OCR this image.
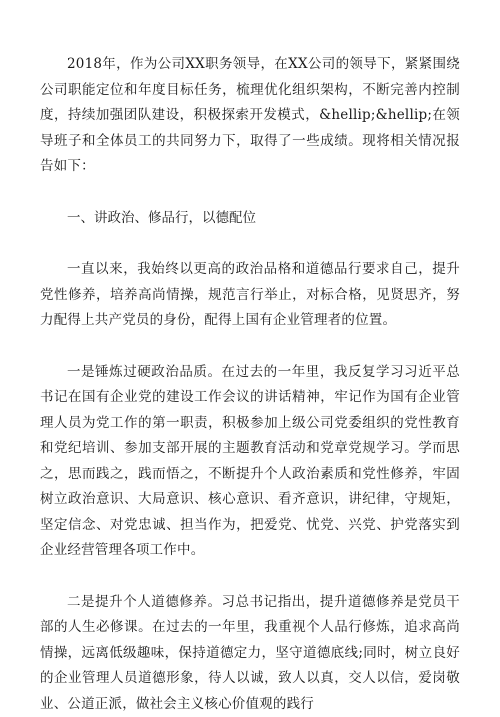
2018年，作为公司XX职务领导，在XX公司的领导下，紧紧围绕公司职能定位和年度目标任务，梳理优化组织架构，不断完善内控制度，持续加强团队建设，积极探索开发模式，&hellip;&hellip;在领导班子和全体员工的共同努力下，取得了一些成绩。现将相关情况报告如下：

一、讲政治、修品行，以德配位

一直以来，我始终以更高的政治品格和道德品行要求自己，提升党性修养，培养高尚情操，规范言行举止，对标合格，见贤思齐，努力配得上共产党员的身份，配得上国有企业管理者的位置。

一是锤炼过硬政治品质。在过去的一年里，我反复学习习近平总书记在国有企业党的建设工作会议的讲话精神，牢记作为国有企业管理人员为党工作的第一职责，积极参加上级公司党委组织的党性教育和党纪培训、参加支部开展的主题教育活动和党章党规学习。学而思之，思而践之，践而悟之，不断提升个人政治素质和党性修养，牢固树立政治意识、大局意识、核心意识、看齐意识，讲纪律，守规矩，坚定信念、对党忠诚、担当作为，把爱党、忧党、兴党、护党落实到企业经营管理各项工作中。

二是提升个人道德修养。习总书记指出，提升道德修养是党员干部的人生必修课。在过去的一年里，我重视个人品行修炼，追求高尚情操，远离低级趣味，保持道德定力，坚守道德底线;同时，树立良好的企业管理人员道德形象，待人以诚，致人以真，交人以信，爱岗敬业、公道正派，做社会主义核心价值观的践行
